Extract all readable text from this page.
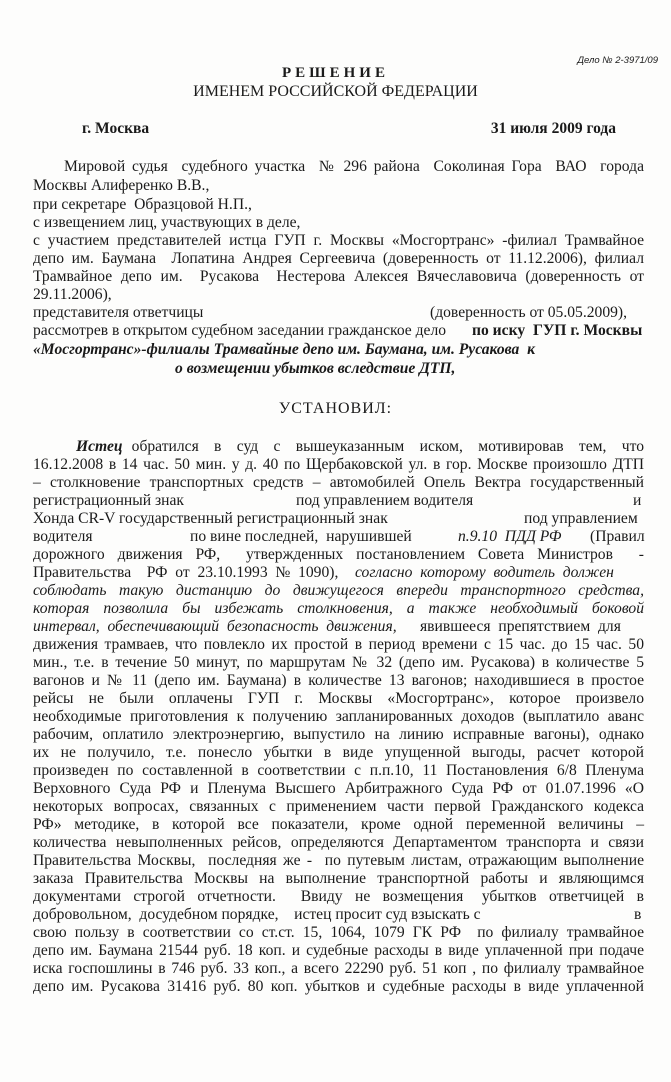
Дело № 2-3971/09
РЕШЕНИЕ
ИМЕНЕМ РОССИЙСКОЙ ФЕДЕРАЦИИ
г. Москва	31 июля 2009 года
Мировой судья  судебного участка  № 296 района  Соколиная Гора  ВАО  города
Москвы Алиференко В.В.,
при секретаре  Образцовой Н.П.,
с извещением лиц, участвующих в деле,
с участием представителей истца ГУП г. Москвы «Мосгортранс» -филиал Трамвайное
депо им. Баумана  Лопатина Андрея Сергеевича (доверенность от 11.12.2006), филиал
Трамвайное депо им.  Русакова  Нестерова Алексея Вячеславовича (доверенность от
29.11.2006),
представителя ответчицы	(доверенность от 05.05.2009),
рассмотрев в открытом судебном заседании гражданское дело по иску  ГУП г. Москвы
«Мосгортранс»-филиалы Трамвайные депо им. Баумана, им. Русакова  к
о возмещении убытков вследствие ДТП,
УСТАНОВИЛ:
Истец обратился  в  суд  с  вышеуказанным  иском,  мотивировав  тем,  что
16.12.2008 в 14 час. 50 мин. у д. 40 по Щербаковской ул. в гор. Москве произошло ДТП
– столкновение транспортных средств – автомобилей Опель Вектра государственный
регистрационный знак	под управлением водителя	и
Хонда CR-V государственный регистрационный знак	под управлением
водителя	по вине последней,  нарушившей	п.9.10  ПДД РФ (Правил
дорожного движения РФ,  утвержденных постановлением Совета Министров  -
Правительства    РФ  от  23.10.1993  №  1090), согласно  которому  водитель  должен
соблюдать  такую  дистанцию  до  движущегося  впереди  транспортного  средства,
которая  позволила  бы  избежать  столкновения,  а  также  необходимый  боковой
интервал,  обеспечивающий  безопасность  движения, явившееся  препятствием  для
движения трамваев, что повлекло их простой в период времени с 15 час. до 15 час. 50
мин., т.е. в течение 50 минут, по маршрутам № 32 (депо им. Русакова) в количестве 5
вагонов и № 11 (депо им. Баумана) в количестве 13 вагонов; находившиеся в простое
рейсы  не  были  оплачены  ГУП  г.  Москвы  «Мосгортранс»,  которое  произвело
необходимые приготовления к получению запланированных доходов (выплатило аванс
рабочим, оплатило электроэнергию, выпустило на линию исправные вагоны), однако
их  не  получило,  т.е.  понесло  убытки  в  виде  упущенной  выгоды,  расчет  которой
произведен по составленной в соответствии с п.п.10, 11 Постановления 6/8 Пленума
Верховного Суда РФ и Пленума Высшего Арбитражного Суда РФ от 01.07.1996 «О
некоторых  вопросах,  связанных  с  применением  части  первой  Гражданского  кодекса
РФ»  методике,  в  которой  все  показатели,  кроме  одной  переменной  величины  –
количества невыполненных рейсов, определяются Департаментом транспорта и связи
Правительства Москвы,  последняя же -  по путевым листам, отражающим выполнение
заказа Правительства Москвы на выполнение транспортной работы и являющимся
документами  строгой  отчетности.    Ввиду  не  возмещения   убытков  ответчицей  в
добровольном,  досудебном порядке,    истец просит суд взыскать с	в
свою пользу в соответствии со ст.ст. 15, 1064, 1079 ГК РФ  по филиалу трамвайное
депо им. Баумана 21544 руб. 18 коп. и судебные расходы в виде уплаченной при подаче
иска госпошлины в 746 руб. 33 коп., а всего 22290 руб. 51 коп , по филиалу трамвайное
депо им. Русакова 31416 руб. 80 коп. убытков и судебные расходы в виде уплаченной
